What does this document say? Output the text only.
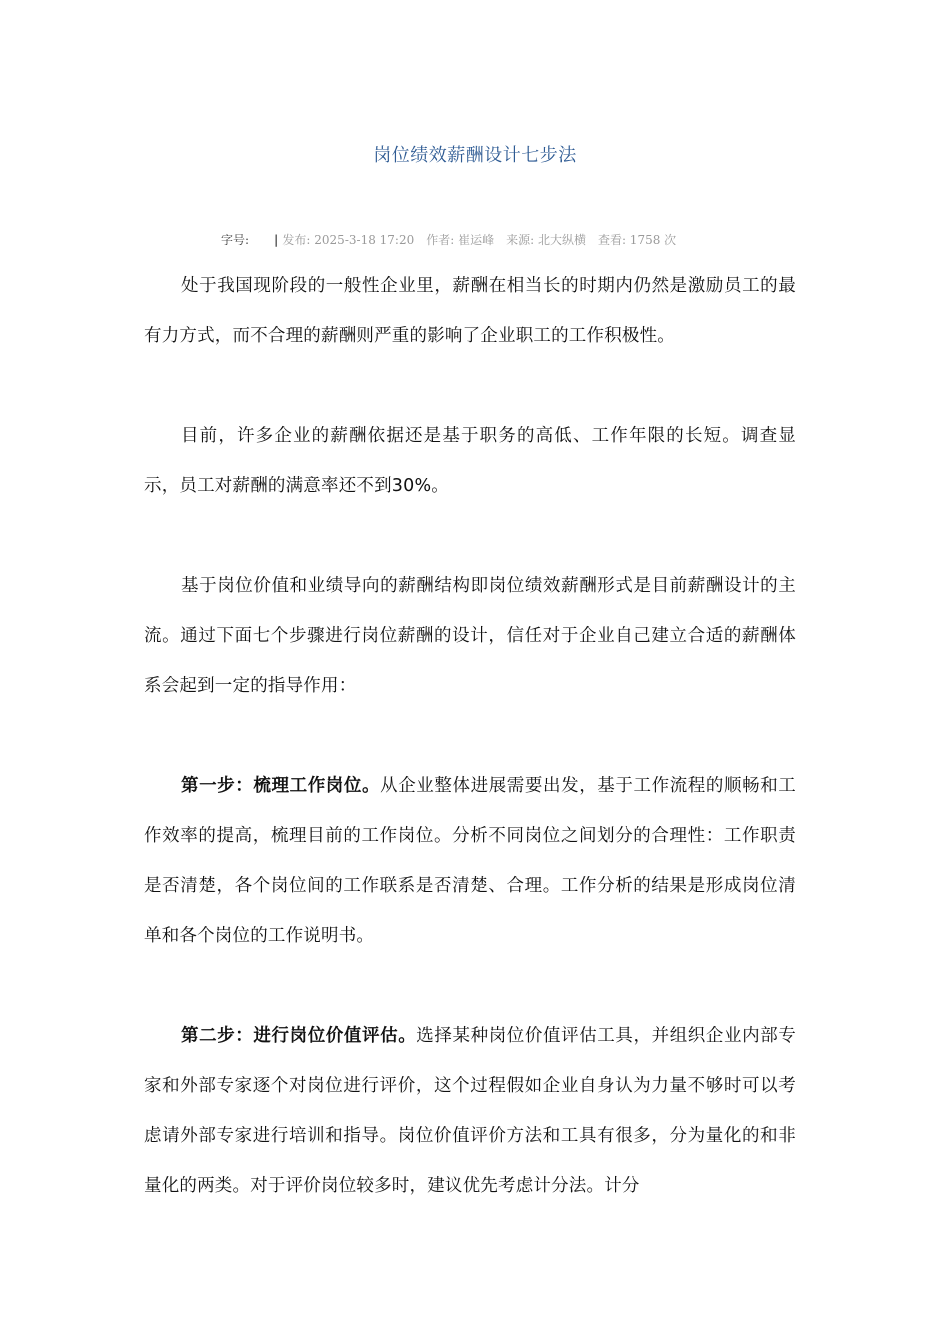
岗位绩效薪酬设计七步法
字号: | 发布: 2025-3-18 17:20 作者: 崔运峰 来源: 北大纵横 查看: 1758 次

处于我国现阶段的一般性企业里，薪酬在相当长的时期内仍然是激励员工的最有力方式，而不合理的薪酬则严重的影响了企业职工的工作积极性。

目前，许多企业的薪酬依据还是基于职务的高低、工作年限的长短。调查显示，员工对薪酬的满意率还不到30%。

基于岗位价值和业绩导向的薪酬结构即岗位绩效薪酬形式是目前薪酬设计的主流。通过下面七个步骤进行岗位薪酬的设计，信任对于企业自己建立合适的薪酬体系会起到一定的指导作用：

第一步：梳理工作岗位。从企业整体进展需要出发，基于工作流程的顺畅和工作效率的提高，梳理目前的工作岗位。分析不同岗位之间划分的合理性：工作职责是否清楚，各个岗位间的工作联系是否清楚、合理。工作分析的结果是形成岗位清单和各个岗位的工作说明书。

第二步：进行岗位价值评估。选择某种岗位价值评估工具，并组织企业内部专家和外部专家逐个对岗位进行评价，这个过程假如企业自身认为力量不够时可以考虑请外部专家进行培训和指导。岗位价值评价方法和工具有很多，分为量化的和非量化的两类。对于评价岗位较多时，建议优先考虑计分法。计分
